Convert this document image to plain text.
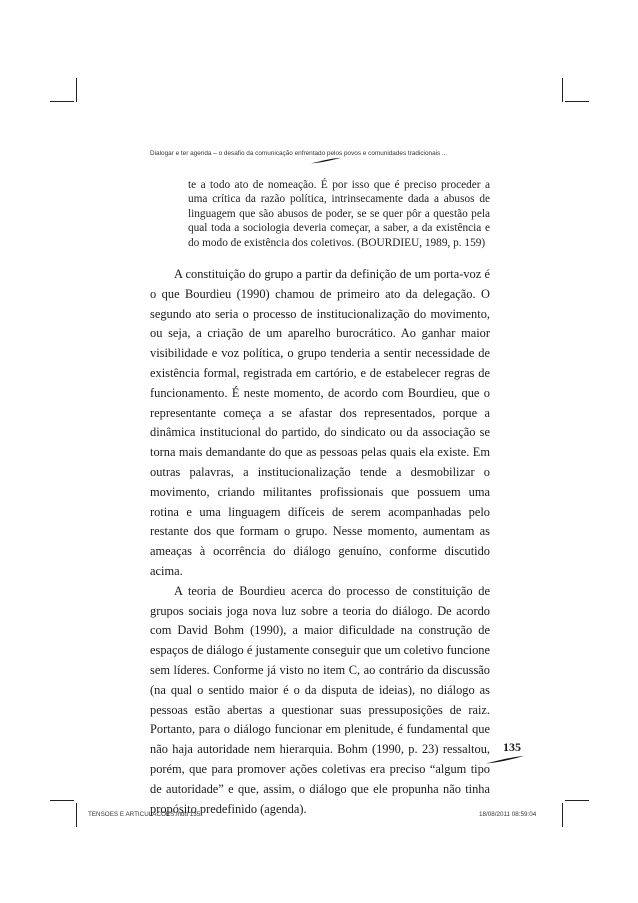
Dialogar e ter agenda – o desafio da comunicação enfrentado pelos povos e comunidades tradicionais ...
te a todo ato de nomeação. É por isso que é preciso proceder a uma crítica da razão política, intrinsecamente dada a abusos de linguagem que são abusos de poder, se se quer pôr a questão pela qual toda a sociologia deveria começar, a saber, a da existência e do modo de existência dos coletivos. (BOURDIEU, 1989, p. 159)

A constituição do grupo a partir da definição de um porta-voz é o que Bourdieu (1990) chamou de primeiro ato da delegação. O segundo ato seria o processo de institucionalização do movimento, ou seja, a criação de um aparelho burocrático. Ao ganhar maior visibilidade e voz política, o grupo tenderia a sentir necessidade de existência formal, registrada em cartório, e de estabelecer regras de funcionamento. É neste momento, de acordo com Bourdieu, que o representante começa a se afastar dos representados, porque a dinâmica institucional do partido, do sindicato ou da associação se torna mais demandante do que as pessoas pelas quais ela existe. Em outras palavras, a institucionalização tende a desmobilizar o movimento, criando militantes profissionais que possuem uma rotina e uma linguagem difíceis de serem acompanhadas pelo restante dos que formam o grupo. Nesse momento, aumentam as ameaças à ocorrência do diálogo genuíno, conforme discutido acima.

A teoria de Bourdieu acerca do processo de constituição de grupos sociais joga nova luz sobre a teoria do diálogo. De acordo com David Bohm (1990), a maior dificuldade na construção de espaços de diálogo é justamente conseguir que um coletivo funcione sem líderes. Conforme já visto no item C, ao contrário da discussão (na qual o sentido maior é o da disputa de ideias), no diálogo as pessoas estão abertas a questionar suas pressuposições de raiz. Portanto, para o diálogo funcionar em plenitude, é fundamental que não haja autoridade nem hierarquia. Bohm (1990, p. 23) ressaltou, porém, que para promover ações coletivas era preciso “algum tipo de autoridade” e que, assim, o diálogo que ele propunha não tinha propósito predefinido (agenda).

135
TENSOES E ARTICULACOES.indd 135	18/08/2011 08:59:04
